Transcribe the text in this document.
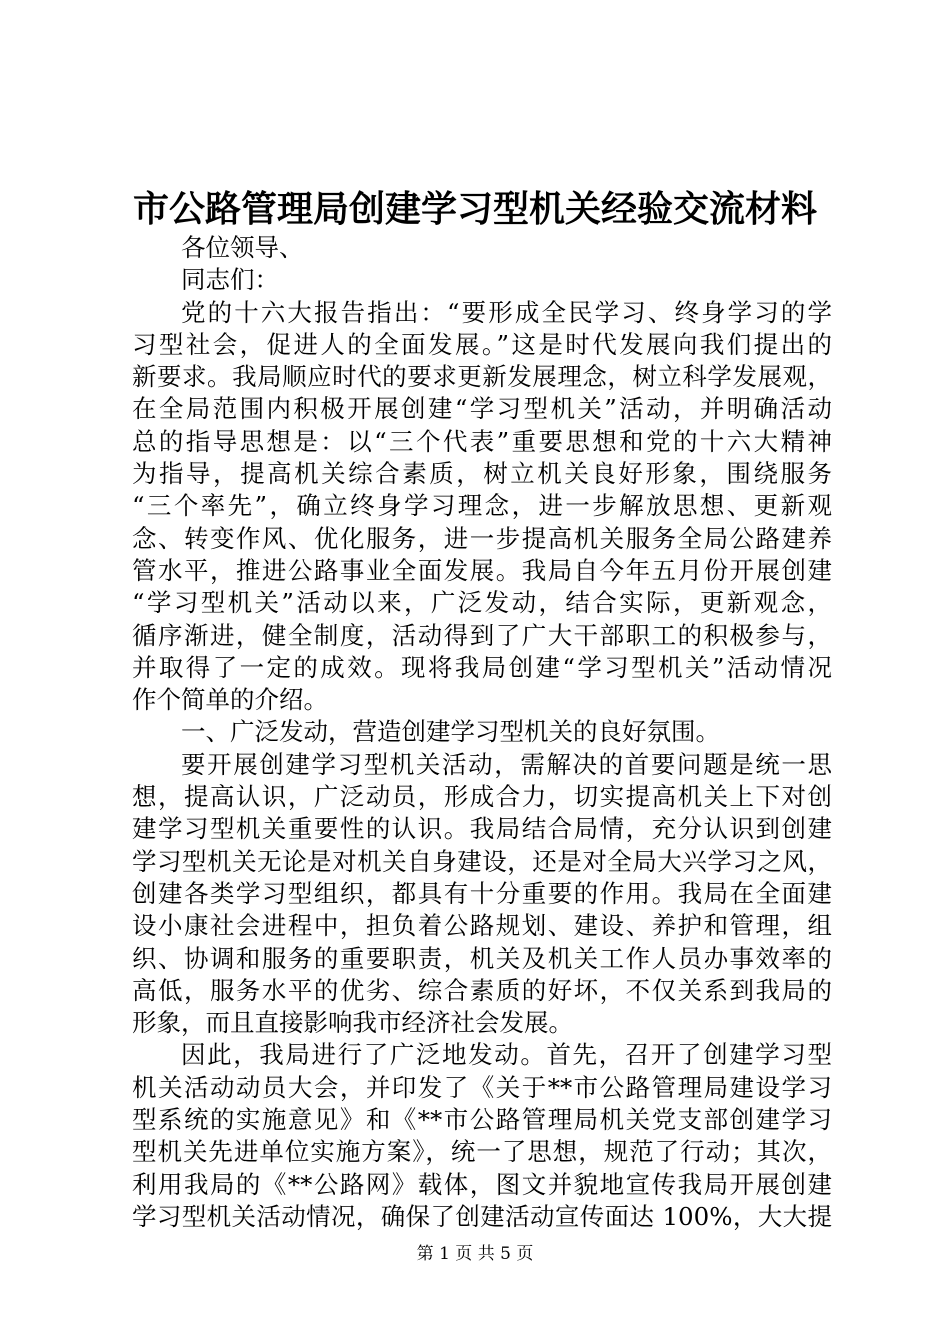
市公路管理局创建学习型机关经验交流材料
各位领导、
同志们：
党的十六大报告指出：“要形成全民学习、终身学习的学
习型社会，促进人的全面发展。”这是时代发展向我们提出的
新要求。我局顺应时代的要求更新发展理念，树立科学发展观，
在全局范围内积极开展创建“学习型机关”活动，并明确活动
总的指导思想是：以“三个代表”重要思想和党的十六大精神
为指导，提高机关综合素质，树立机关良好形象，围绕服务
“三个率先”，确立终身学习理念，进一步解放思想、更新观
念、转变作风、优化服务，进一步提高机关服务全局公路建养
管水平，推进公路事业全面发展。我局自今年五月份开展创建
“学习型机关”活动以来，广泛发动，结合实际，更新观念，
循序渐进，健全制度，活动得到了广大干部职工的积极参与，
并取得了一定的成效。现将我局创建“学习型机关”活动情况
作个简单的介绍。
一、广泛发动，营造创建学习型机关的良好氛围。
要开展创建学习型机关活动，需解决的首要问题是统一思
想，提高认识，广泛动员，形成合力，切实提高机关上下对创
建学习型机关重要性的认识。我局结合局情，充分认识到创建
学习型机关无论是对机关自身建设，还是对全局大兴学习之风，
创建各类学习型组织，都具有十分重要的作用。我局在全面建
设小康社会进程中，担负着公路规划、建设、养护和管理，组
织、协调和服务的重要职责，机关及机关工作人员办事效率的
高低，服务水平的优劣、综合素质的好坏，不仅关系到我局的
形象，而且直接影响我市经济社会发展。
因此，我局进行了广泛地发动。首先，召开了创建学习型
机关活动动员大会，并印发了《关于**市公路管理局建设学习
型系统的实施意见》和《**市公路管理局机关党支部创建学习
型机关先进单位实施方案》，统一了思想，规范了行动；其次，
利用我局的《**公路网》载体，图文并貌地宣传我局开展创建
学习型机关活动情况，确保了创建活动宣传面达 100%，大大提
第 1 页 共 5 页
